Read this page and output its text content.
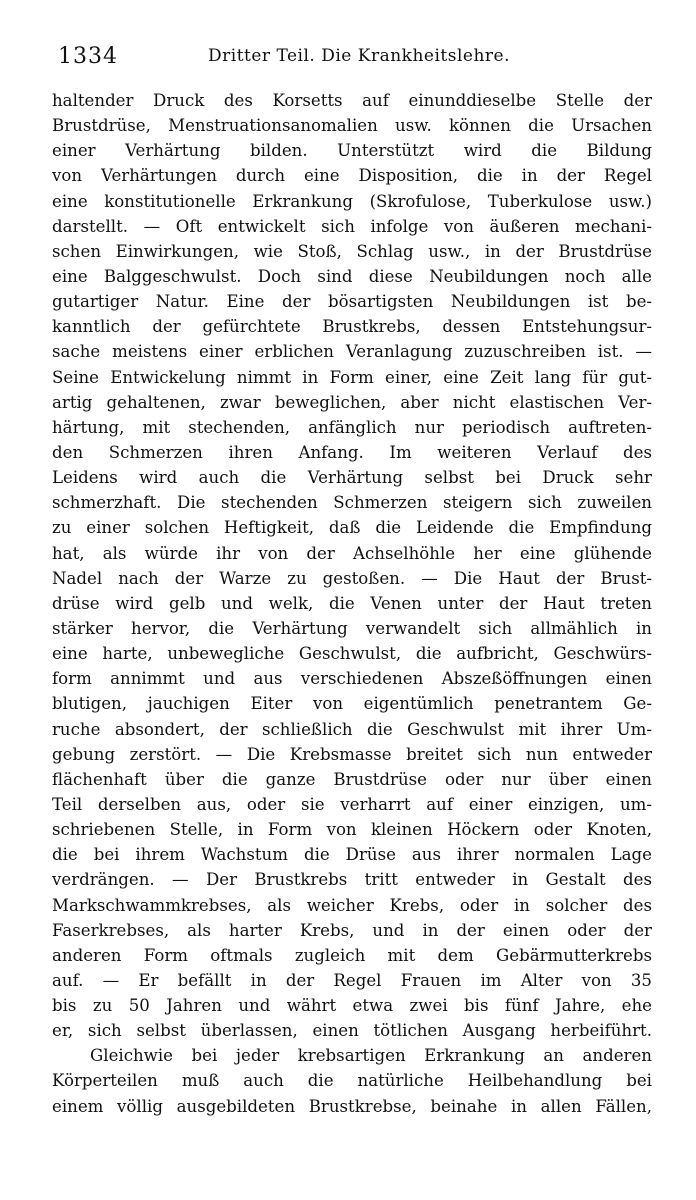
1334	Dritter Teil. Die Krankheitslehre.
haltender Druck des Korsetts auf einunddieselbe Stelle der
Brustdrüse, Menstruationsanomalien usw. können die Ursachen
einer Verhärtung bilden. Unterstützt wird die Bildung
von Verhärtungen durch eine Disposition, die in der Regel
eine konstitutionelle Erkrankung (Skrofulose, Tuberkulose usw.)
darstellt. — Oft entwickelt sich infolge von äußeren mechani-
schen Einwirkungen, wie Stoß, Schlag usw., in der Brustdrüse
eine Balggeschwulst. Doch sind diese Neubildungen noch alle
gutartiger Natur. Eine der bösartigsten Neubildungen ist be-
kanntlich der gefürchtete Brustkrebs, dessen Entstehungsur-
sache meistens einer erblichen Veranlagung zuzuschreiben ist. —
Seine Entwickelung nimmt in Form einer, eine Zeit lang für gut-
artig gehaltenen, zwar beweglichen, aber nicht elastischen Ver-
härtung, mit stechenden, anfänglich nur periodisch auftreten-
den Schmerzen ihren Anfang. Im weiteren Verlauf des
Leidens wird auch die Verhärtung selbst bei Druck sehr
schmerzhaft. Die stechenden Schmerzen steigern sich zuweilen
zu einer solchen Heftigkeit, daß die Leidende die Empfindung
hat, als würde ihr von der Achselhöhle her eine glühende
Nadel nach der Warze zu gestoßen. — Die Haut der Brust-
drüse wird gelb und welk, die Venen unter der Haut treten
stärker hervor, die Verhärtung verwandelt sich allmählich in
eine harte, unbewegliche Geschwulst, die aufbricht, Geschwürs-
form annimmt und aus verschiedenen Abszeßöffnungen einen
blutigen, jauchigen Eiter von eigentümlich penetrantem Ge-
ruche absondert, der schließlich die Geschwulst mit ihrer Um-
gebung zerstört. — Die Krebsmasse breitet sich nun entweder
flächenhaft über die ganze Brustdrüse oder nur über einen
Teil derselben aus, oder sie verharrt auf einer einzigen, um-
schriebenen Stelle, in Form von kleinen Höckern oder Knoten,
die bei ihrem Wachstum die Drüse aus ihrer normalen Lage
verdrängen. — Der Brustkrebs tritt entweder in Gestalt des
Markschwammkrebses, als weicher Krebs, oder in solcher des
Faserkrebses, als harter Krebs, und in der einen oder der
anderen Form oftmals zugleich mit dem Gebärmutterkrebs
auf. — Er befällt in der Regel Frauen im Alter von 35
bis zu 50 Jahren und währt etwa zwei bis fünf Jahre, ehe
er, sich selbst überlassen, einen tötlichen Ausgang herbeiführt.
Gleichwie bei jeder krebsartigen Erkrankung an anderen
Körperteilen muß auch die natürliche Heilbehandlung bei
einem völlig ausgebildeten Brustkrebse, beinahe in allen Fällen,
